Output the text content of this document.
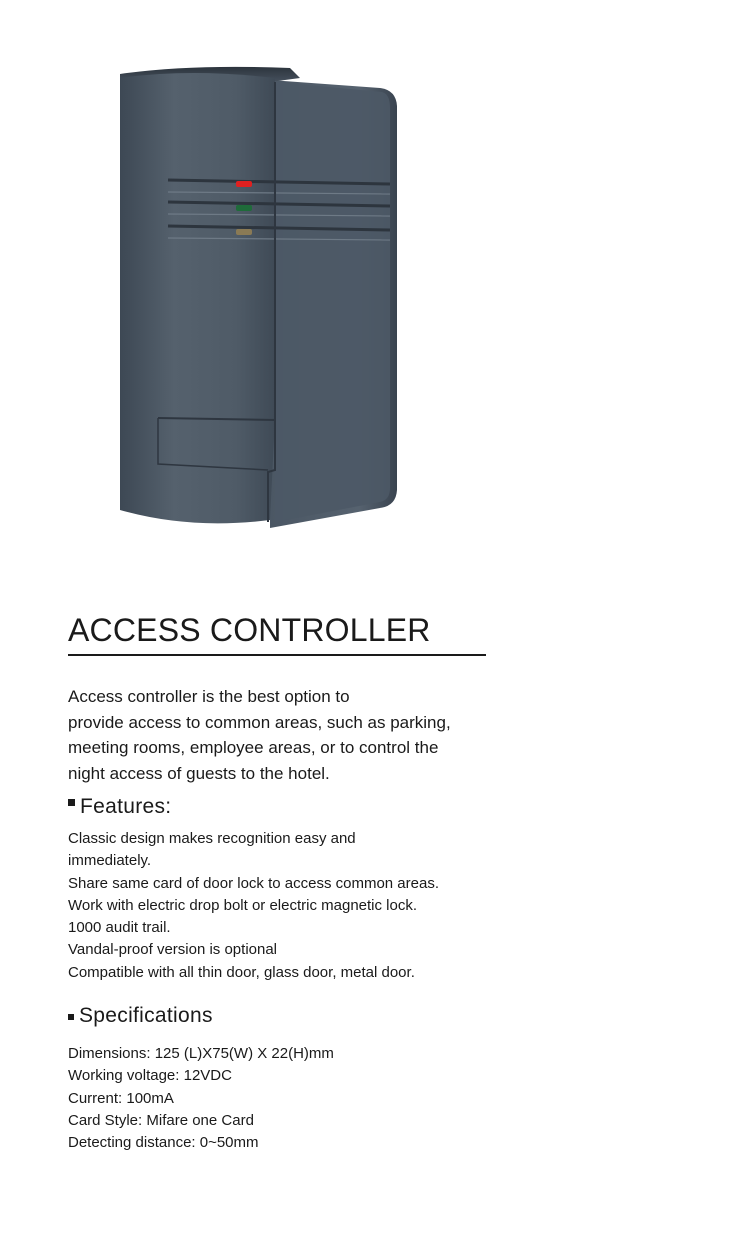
ACCESS CONTROLLER
Access controller is the best option to
provide access to common areas, such as parking,
meeting rooms, employee areas, or to control the
night access of guests to the hotel.
Features:
Classic design makes recognition easy and
immediately.
Share same card of door lock to access common areas.
Work with electric drop bolt or electric magnetic lock.
1000 audit trail.
Vandal-proof version is optional
Compatible with all thin door, glass door, metal door.
Specifications
Dimensions: 125 (L)X75(W) X 22(H)mm
Working voltage: 12VDC
Current: 100mA
Card Style: Mifare one Card
Detecting distance: 0~50mm
